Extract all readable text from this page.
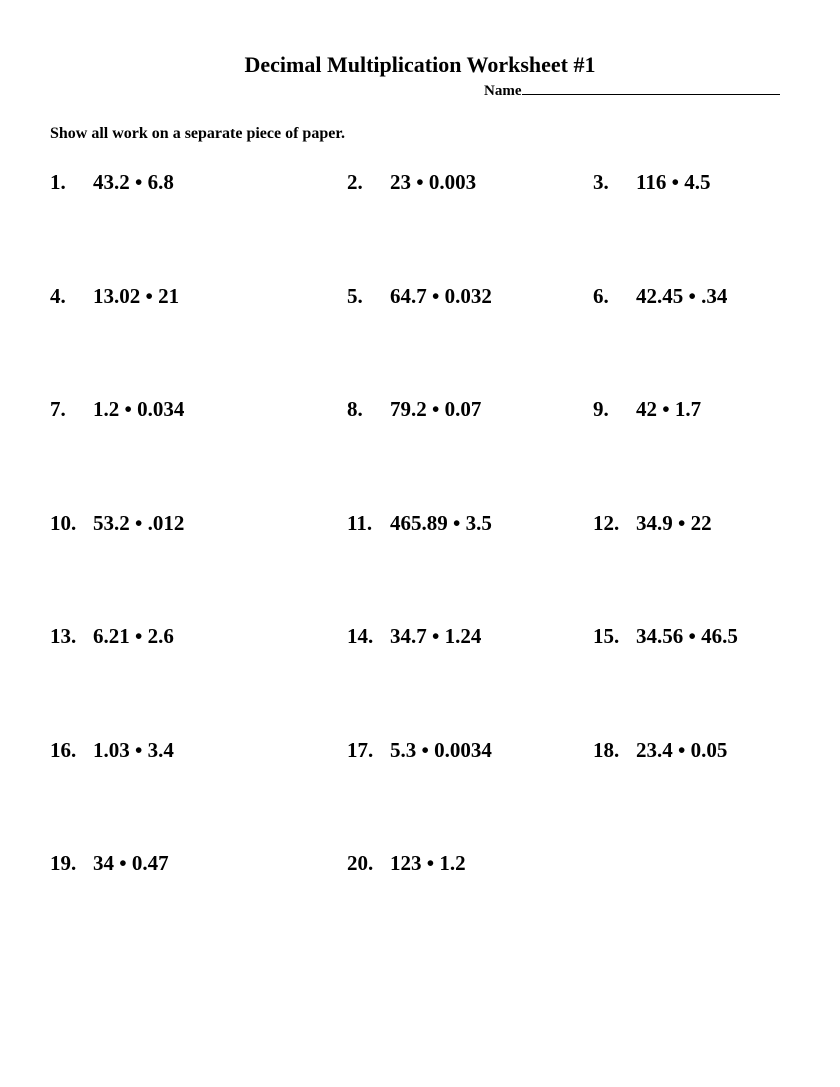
Decimal Multiplication Worksheet #1
Name
Show all work on a separate piece of paper.
1. 43.2 • 6.8	2. 23 • 0.003	3. 116 • 4.5
4. 13.02 • 21	5. 64.7 • 0.032	6. 42.45 • .34
7. 1.2 • 0.034	8. 79.2 • 0.07	9. 42 • 1.7
10. 53.2 • .012	11. 465.89 • 3.5	12. 34.9 • 22
13. 6.21 • 2.6	14. 34.7 • 1.24	15. 34.56 • 46.5
16. 1.03 • 3.4	17. 5.3 • 0.0034	18. 23.4 • 0.05
19. 34 • 0.47	20. 123 • 1.2
